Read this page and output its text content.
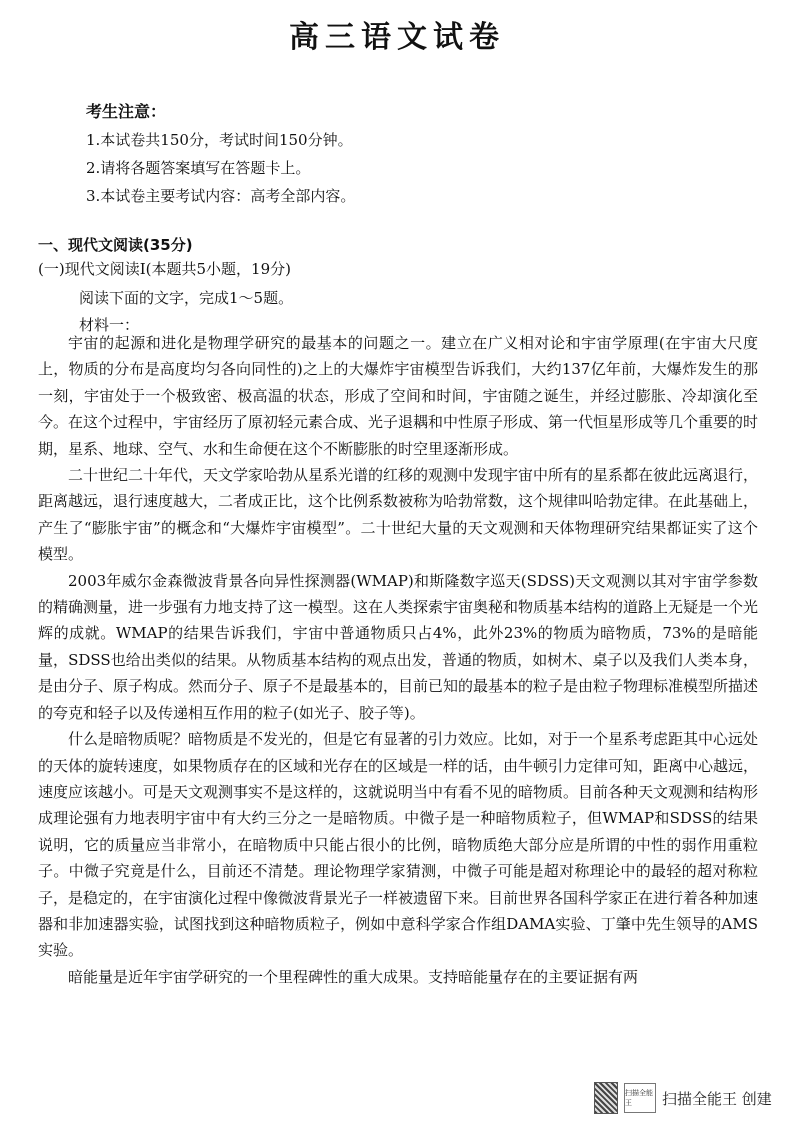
高三语文试卷
考生注意：
1.本试卷共150分，考试时间150分钟。
2.请将各题答案填写在答题卡上。
3.本试卷主要考试内容：高考全部内容。
一、现代文阅读(35分)
(一)现代文阅读Ⅰ(本题共5小题，19分)
阅读下面的文字，完成1～5题。
材料一：

宇宙的起源和进化是物理学研究的最基本的问题之一。建立在广义相对论和宇宙学原理(在宇宙大尺度上，物质的分布是高度均匀各向同性的)之上的大爆炸宇宙模型告诉我们，大约137亿年前，大爆炸发生的那一刻，宇宙处于一个极致密、极高温的状态，形成了空间和时间，宇宙随之诞生，并经过膨胀、冷却演化至今。在这个过程中，宇宙经历了原初轻元素合成、光子退耦和中性原子形成、第一代恒星形成等几个重要的时期，星系、地球、空气、水和生命便在这个不断膨胀的时空里逐渐形成。

二十世纪二十年代，天文学家哈勃从星系光谱的红移的观测中发现宇宙中所有的星系都在彼此远离退行，距离越远，退行速度越大，二者成正比，这个比例系数被称为哈勃常数，这个规律叫哈勃定律。在此基础上，产生了“膨胀宇宙”的概念和“大爆炸宇宙模型”。二十世纪大量的天文观测和天体物理研究结果都证实了这个模型。

2003年威尔金森微波背景各向异性探测器(WMAP)和斯隆数字巡天(SDSS)天文观测以其对宇宙学参数的精确测量，进一步强有力地支持了这一模型。这在人类探索宇宙奥秘和物质基本结构的道路上无疑是一个光辉的成就。WMAP的结果告诉我们，宇宙中普通物质只占4%，此外23%的物质为暗物质，73%的是暗能量，SDSS也给出类似的结果。从物质基本结构的观点出发，普通的物质，如树木、桌子以及我们人类本身，是由分子、原子构成。然而分子、原子不是最基本的，目前已知的最基本的粒子是由粒子物理标准模型所描述的夸克和轻子以及传递相互作用的粒子(如光子、胶子等)。

什么是暗物质呢？暗物质是不发光的，但是它有显著的引力效应。比如，对于一个星系考虑距其中心远处的天体的旋转速度，如果物质存在的区域和光存在的区域是一样的话，由牛顿引力定律可知，距离中心越远，速度应该越小。可是天文观测事实不是这样的，这就说明当中有看不见的暗物质。目前各种天文观测和结构形成理论强有力地表明宇宙中有大约三分之一是暗物质。中微子是一种暗物质粒子，但WMAP和SDSS的结果说明，它的质量应当非常小，在暗物质中只能占很小的比例，暗物质绝大部分应是所谓的中性的弱作用重粒子。中微子究竟是什么，目前还不清楚。理论物理学家猜测，中微子可能是超对称理论中的最轻的超对称粒子，是稳定的，在宇宙演化过程中像微波背景光子一样被遗留下来。目前世界各国科学家正在进行着各种加速器和非加速器实验，试图找到这种暗物质粒子，例如中意科学家合作组DAMA实验、丁肇中先生领导的AMS实验。

暗能量是近年宇宙学研究的一个里程碑性的重大成果。支持暗能量存在的主要证据有两

扫描全能王	扫描全能王 创建
